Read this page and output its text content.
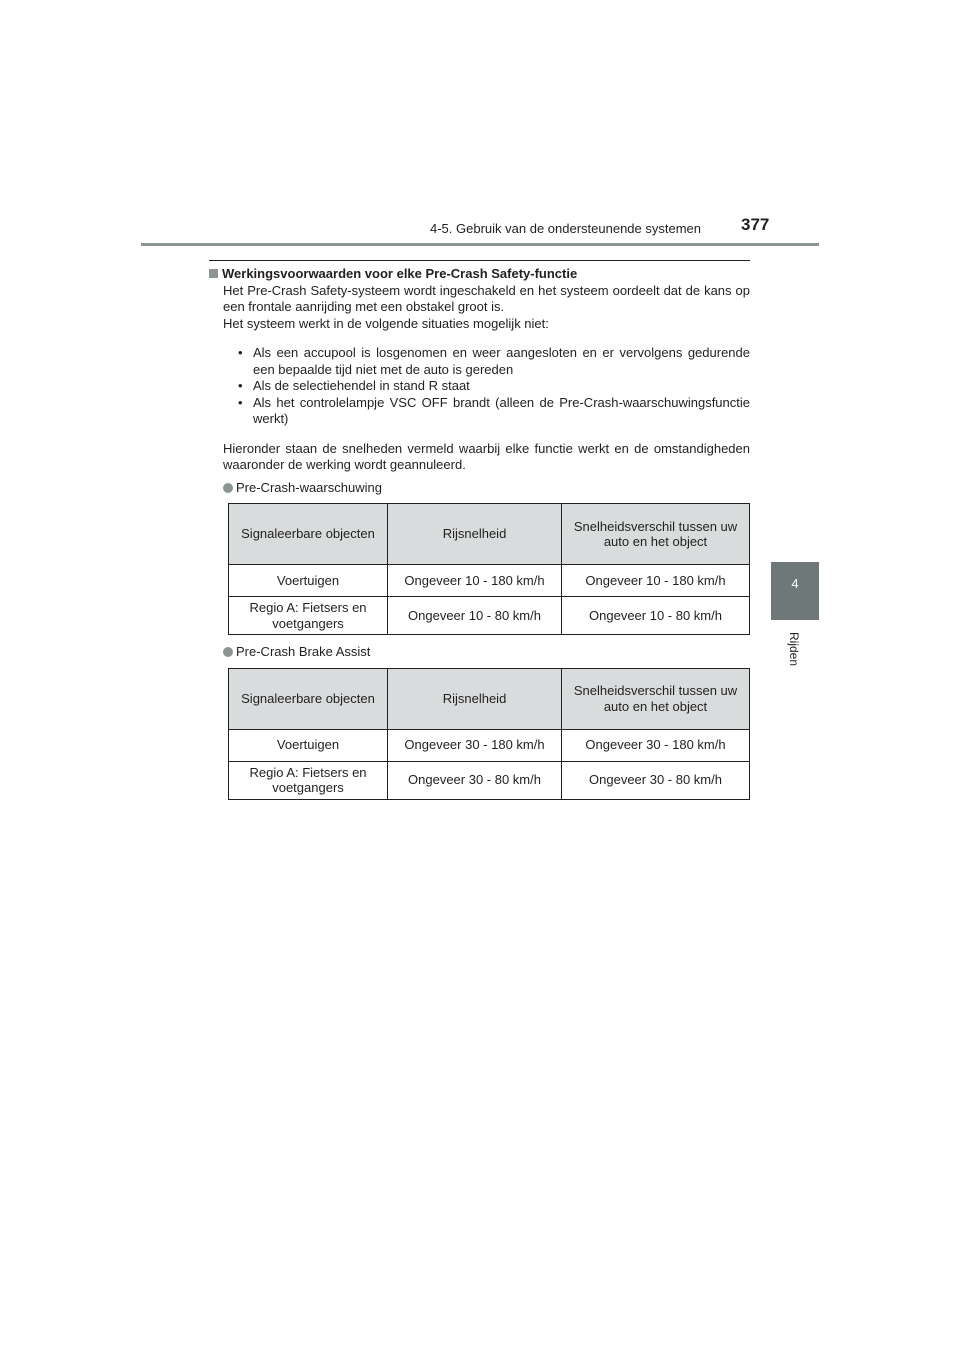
4-5. Gebruik van de ondersteunende systemen 377
4
Rijden
Werkingsvoorwaarden voor elke Pre-Crash Safety-functie
Het Pre-Crash Safety-systeem wordt ingeschakeld en het systeem oordeelt dat de kans op een frontale aanrijding met een obstakel groot is.
Het systeem werkt in de volgende situaties mogelijk niet:
• Als een accupool is losgenomen en weer aangesloten en er vervolgens gedurende een bepaalde tijd niet met de auto is gereden
• Als de selectiehendel in stand R staat
• Als het controlelampje VSC OFF brandt (alleen de Pre-Crash-waarschuwingsfunctie werkt)
Hieronder staan de snelheden vermeld waarbij elke functie werkt en de omstandigheden waaronder de werking wordt geannuleerd.
Pre-Crash-waarschuwing
Signaleerbare objecten	Rijsnelheid	Snelheidsverschil tussen uw auto en het object
Voertuigen	Ongeveer 10 - 180 km/h	Ongeveer 10 - 180 km/h
Regio A: Fietsers en voetgangers	Ongeveer 10 - 80 km/h	Ongeveer 10 - 80 km/h
Pre-Crash Brake Assist
Signaleerbare objecten	Rijsnelheid	Snelheidsverschil tussen uw auto en het object
Voertuigen	Ongeveer 30 - 180 km/h	Ongeveer 30 - 180 km/h
Regio A: Fietsers en voetgangers	Ongeveer 30 - 80 km/h	Ongeveer 30 - 80 km/h
